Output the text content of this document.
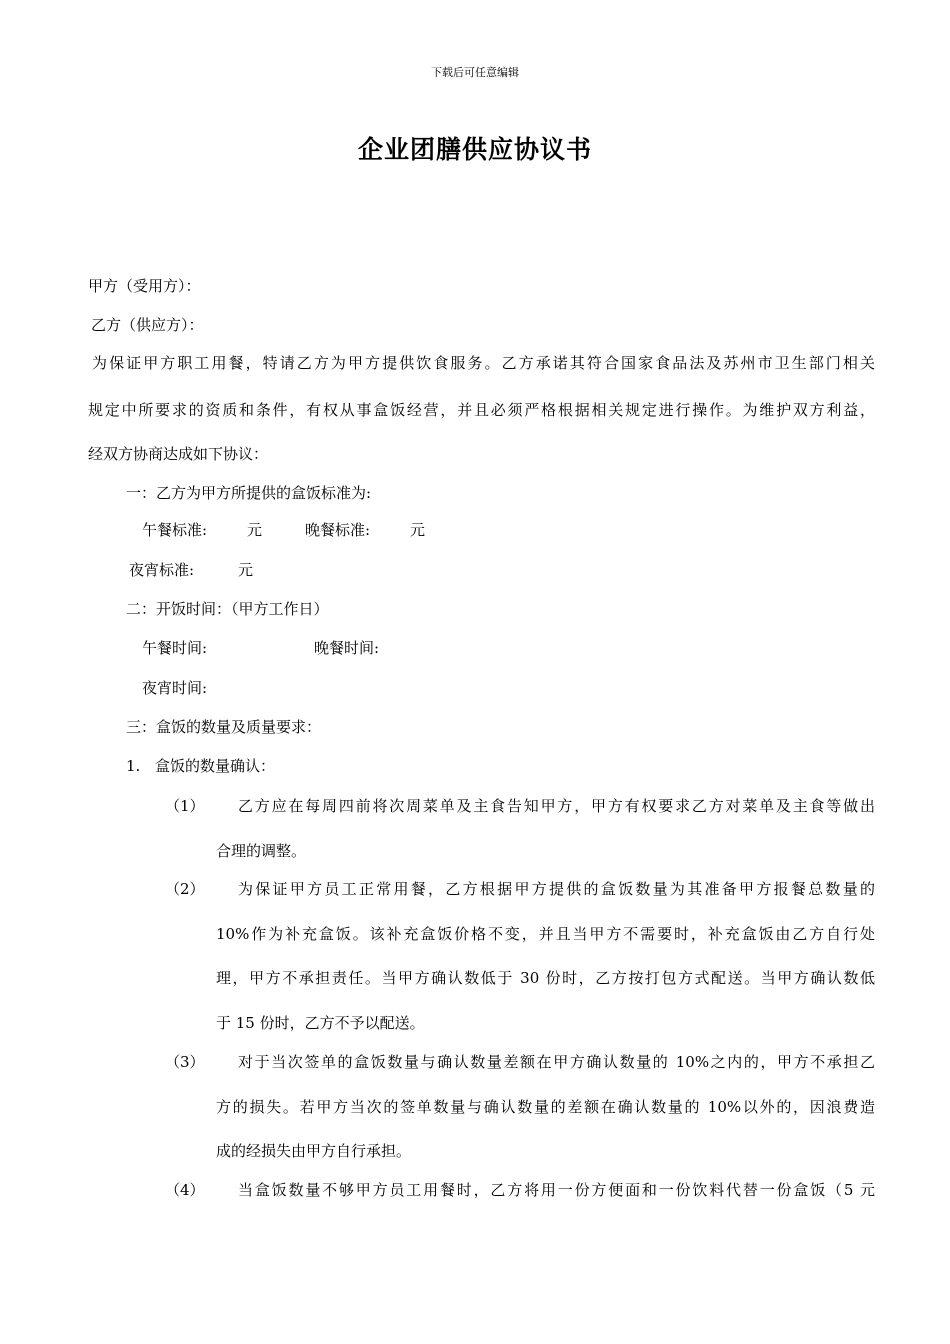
下载后可任意编辑
企业团膳供应协议书
甲方（受用方）：
乙方（供应方）：
为保证甲方职工用餐，特请乙方为甲方提供饮食服务。乙方承诺其符合国家食品法及苏州市卫生部门相关
规定中所要求的资质和条件，有权从事盒饭经营，并且必须严格根据相关规定进行操作。为维护双方利益，
经双方协商达成如下协议：
一：乙方为甲方所提供的盒饭标准为:
午餐标准:	元	晚餐标准:	元
夜宵标准:	元
二：开饭时间：（甲方工作日）
午餐时间:	晚餐时间:
夜宵时间:
三：盒饭的数量及质量要求：
1. 盒饭的数量确认：
（1） 乙方应在每周四前将次周菜单及主食告知甲方，甲方有权要求乙方对菜单及主食等做出
合理的调整。
（2） 为保证甲方员工正常用餐，乙方根据甲方提供的盒饭数量为其准备甲方报餐总数量的
10%作为补充盒饭。该补充盒饭价格不变，并且当甲方不需要时，补充盒饭由乙方自行处
理，甲方不承担责任。当甲方确认数低于 30 份时，乙方按打包方式配送。当甲方确认数低
于 15 份时，乙方不予以配送。
（3） 对于当次签单的盒饭数量与确认数量差额在甲方确认数量的 10%之内的，甲方不承担乙
方的损失。若甲方当次的签单数量与确认数量的差额在确认数量的 10%以外的，因浪费造
成的经损失由甲方自行承担。
（4） 当盒饭数量不够甲方员工用餐时，乙方将用一份方便面和一份饮料代替一份盒饭（5 元
